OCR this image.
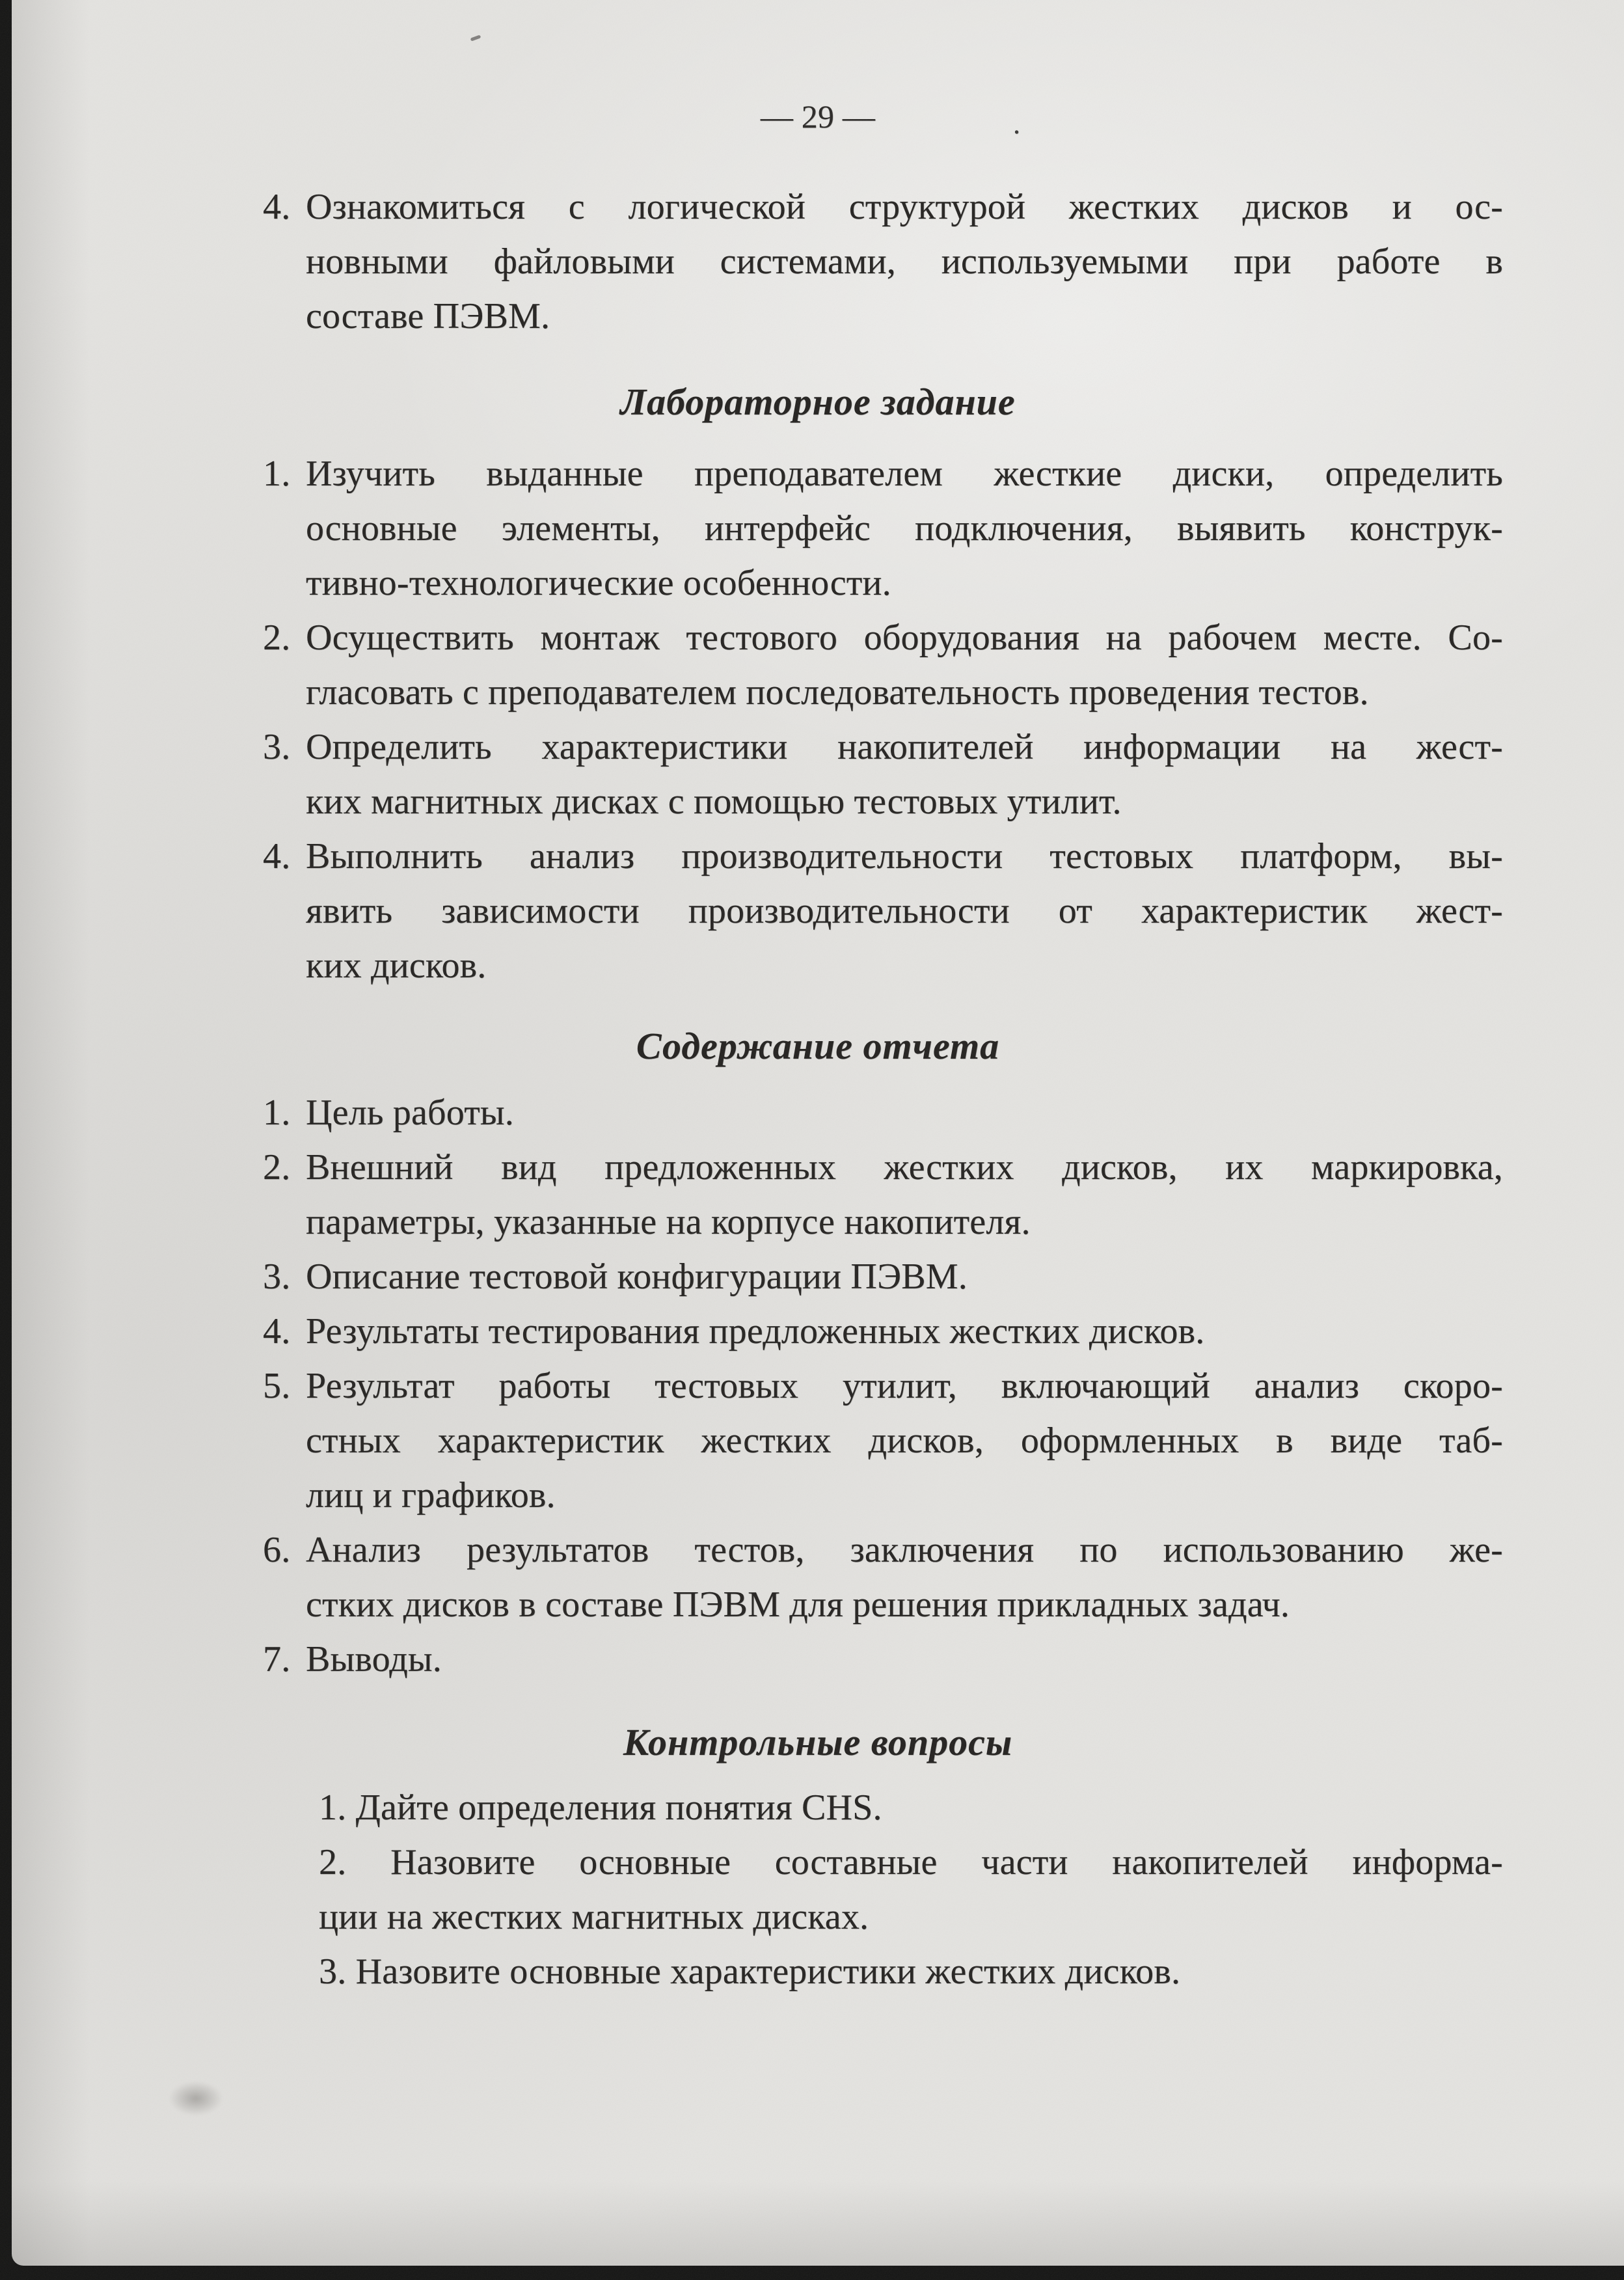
— 29 —	.
4. Ознакомиться с логической структурой жестких дисков и ос-
новными файловыми системами, используемыми при работе в
составе ПЭВМ.
Лабораторное задание
1. Изучить выданные преподавателем жесткие диски, определить
основные элементы, интерфейс подключения, выявить конструк-
тивно-технологические особенности.
2. Осуществить монтаж тестового оборудования на рабочем месте. Со-
гласовать с преподавателем последовательность проведения тестов.
3. Определить характеристики накопителей информации на жест-
ких магнитных дисках с помощью тестовых утилит.
4. Выполнить анализ производительности тестовых платформ, вы-
явить зависимости производительности от характеристик жест-
ких дисков.
Содержание отчета
1. Цель работы.
2. Внешний вид предложенных жестких дисков, их маркировка,
параметры, указанные на корпусе накопителя.
3. Описание тестовой конфигурации ПЭВМ.
4. Результаты тестирования предложенных жестких дисков.
5. Результат работы тестовых утилит, включающий анализ скоро-
стных характеристик жестких дисков, оформленных в виде таб-
лиц и графиков.
6. Анализ результатов тестов, заключения по использованию же-
стких дисков в составе ПЭВМ для решения прикладных задач.
7. Выводы.
Контрольные вопросы
1. Дайте определения понятия CHS.
2. Назовите основные составные части накопителей информа-
ции на жестких магнитных дисках.
3. Назовите основные характеристики жестких дисков.
